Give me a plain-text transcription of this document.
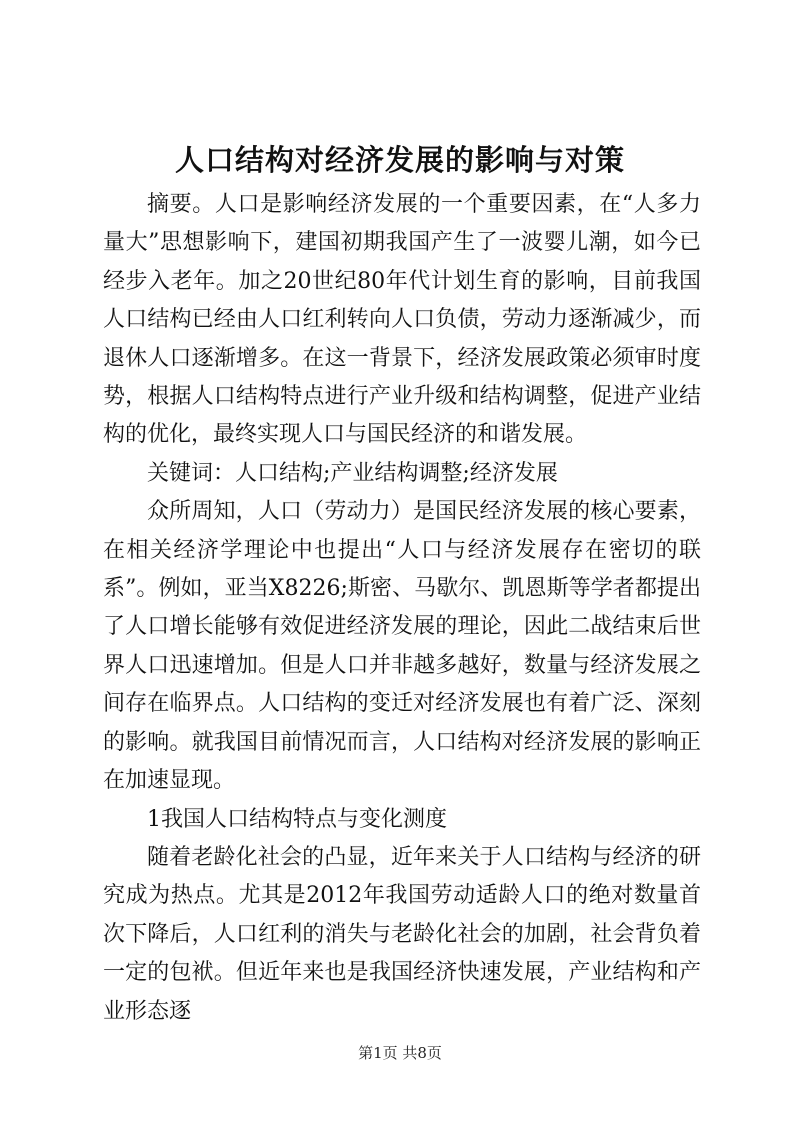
人口结构对经济发展的影响与对策

摘要。人口是影响经济发展的一个重要因素，在“人多力量大”思想影响下，建国初期我国产生了一波婴儿潮，如今已经步入老年。加之20世纪80年代计划生育的影响，目前我国人口结构已经由人口红利转向人口负债，劳动力逐渐减少，而退休人口逐渐增多。在这一背景下，经济发展政策必须审时度势，根据人口结构特点进行产业升级和结构调整，促进产业结构的优化，最终实现人口与国民经济的和谐发展。

关键词：人口结构;产业结构调整;经济发展

众所周知，人口（劳动力）是国民经济发展的核心要素，在相关经济学理论中也提出“人口与经济发展存在密切的联系”。例如，亚当X8226;斯密、马歇尔、凯恩斯等学者都提出了人口增长能够有效促进经济发展的理论，因此二战结束后世界人口迅速增加。但是人口并非越多越好，数量与经济发展之间存在临界点。人口结构的变迁对经济发展也有着广泛、深刻的影响。就我国目前情况而言，人口结构对经济发展的影响正在加速显现。

1我国人口结构特点与变化测度

随着老龄化社会的凸显，近年来关于人口结构与经济的研究成为热点。尤其是2012年我国劳动适龄人口的绝对数量首次下降后，人口红利的消失与老龄化社会的加剧，社会背负着一定的包袱。但近年来也是我国经济快速发展，产业结构和产业形态逐

第1页 共8页
